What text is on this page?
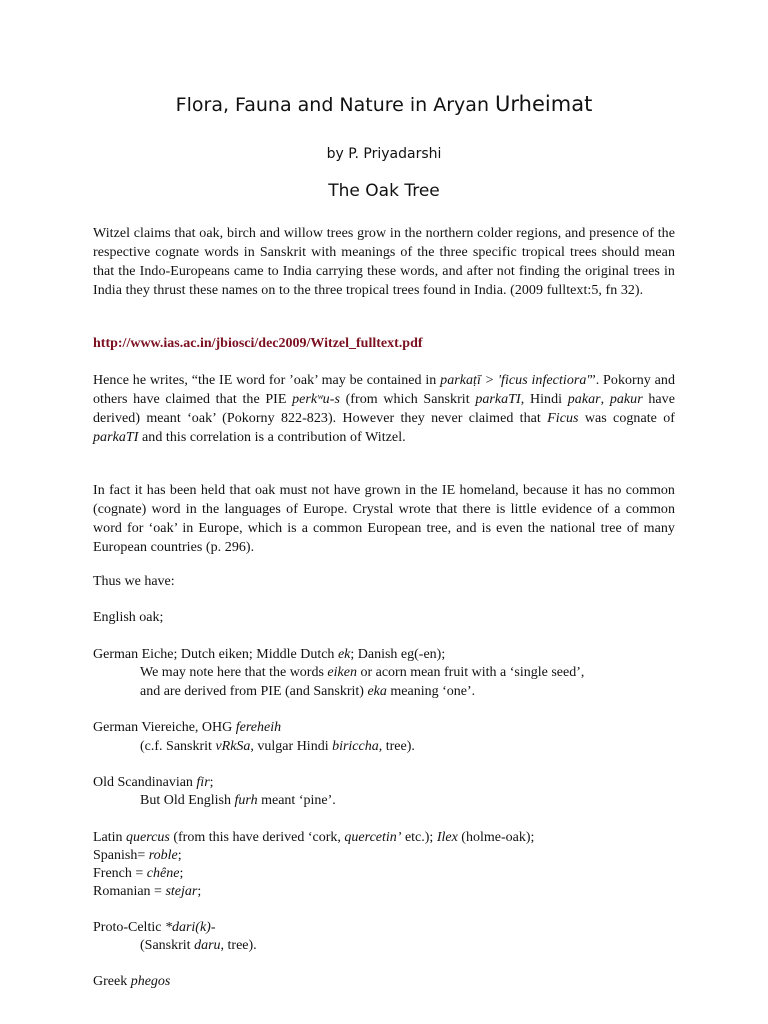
Flora, Fauna and Nature in Aryan Urheimat

by P. Priyadarshi

The Oak Tree

Witzel claims that oak, birch and willow trees grow in the northern colder regions, and presence of the respective cognate words in Sanskrit with meanings of the three specific tropical trees should mean that the Indo-Europeans came to India carrying these words, and after not finding the original trees in India they thrust these names on to the three tropical trees found in India. (2009 fulltext:5, fn 32).

http://www.ias.ac.in/jbiosci/dec2009/Witzel_fulltext.pdf

Hence he writes, “the IE word for ’oak’ may be contained in parkaṭī > 'ficus infectiora'”. Pokorny and others have claimed that the PIE perkʷu-s (from which Sanskrit parkaTI, Hindi pakar, pakur have derived) meant ‘oak’ (Pokorny 822-823). However they never claimed that Ficus was cognate of parkaTI and this correlation is a contribution of Witzel.

In fact it has been held that oak must not have grown in the IE homeland, because it has no common (cognate) word in the languages of Europe. Crystal wrote that there is little evidence of a common word for ‘oak’ in Europe, which is a common European tree, and is even the national tree of many European countries (p. 296).

Thus we have:

English oak;

German Eiche; Dutch eiken; Middle Dutch ek; Danish eg(-en);

We may note here that the words eiken or acorn mean fruit with a ‘single seed’,

and are derived from PIE (and Sanskrit) eka meaning ‘one’.

German Viereiche, OHG fereheih

(c.f. Sanskrit vRkSa, vulgar Hindi biriccha, tree).

Old Scandinavian fir;

But Old English furh meant ‘pine’.

Latin quercus (from this have derived ‘cork, quercetin’ etc.); Ilex (holme-oak);

Spanish= roble;

French = chêne;

Romanian = stejar;

Proto-Celtic *dari(k)-

(Sanskrit daru, tree).

Greek phegos
